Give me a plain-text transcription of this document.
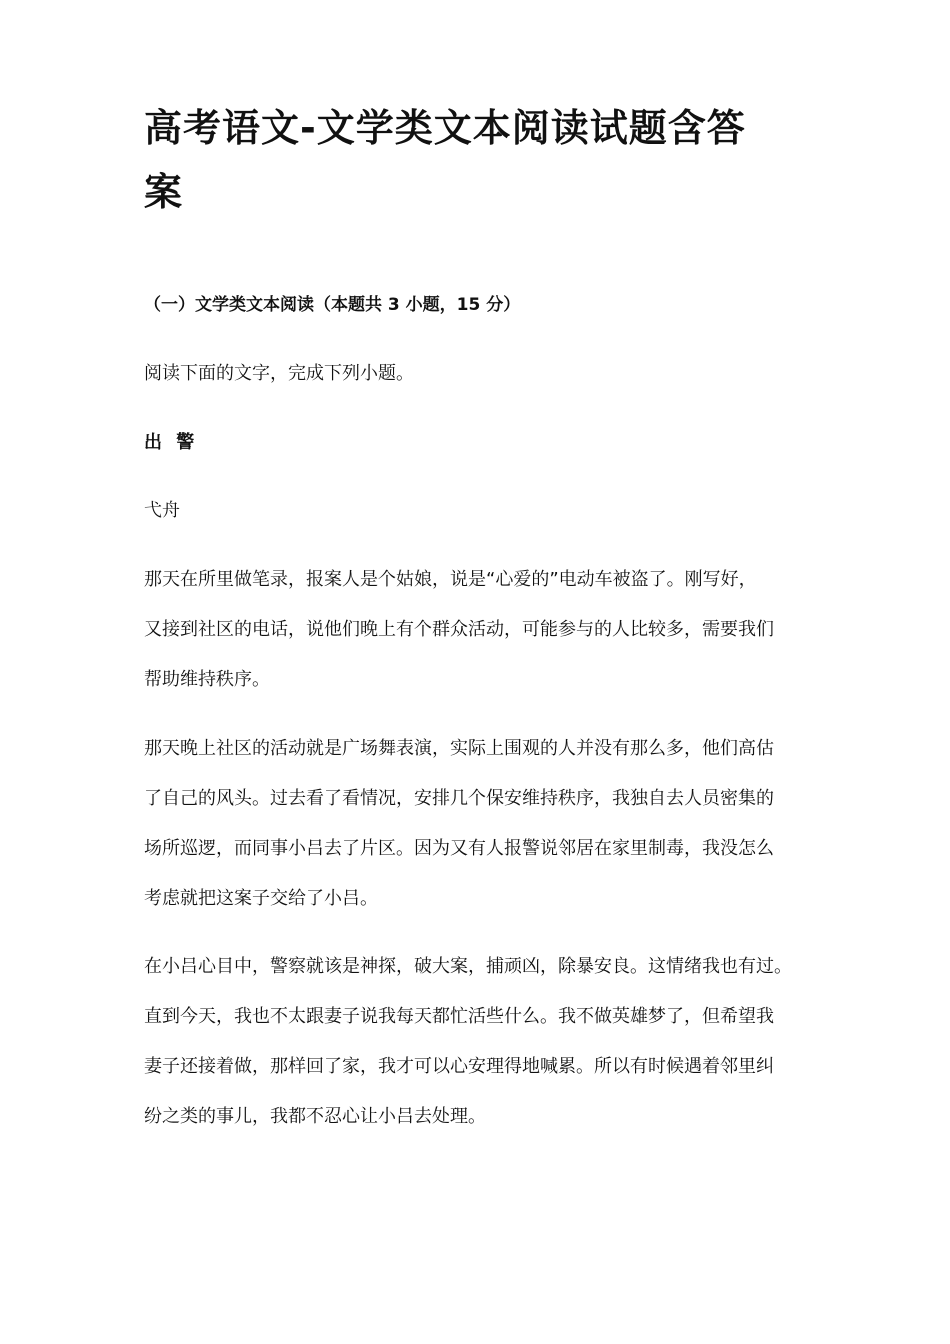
高考语文-文学类文本阅读试题含答
案

（一）文学类文本阅读（本题共 3 小题，15 分）

阅读下面的文字，完成下列小题。

出 警

弋舟

那天在所里做笔录，报案人是个姑娘，说是“心爱的”电动车被盗了。刚写好，

又接到社区的电话，说他们晚上有个群众活动，可能参与的人比较多，需要我们

帮助维持秩序。

那天晚上社区的活动就是广场舞表演，实际上围观的人并没有那么多，他们高估

了自己的风头。过去看了看情况，安排几个保安维持秩序，我独自去人员密集的

场所巡逻，而同事小吕去了片区。因为又有人报警说邻居在家里制毒，我没怎么

考虑就把这案子交给了小吕。

在小吕心目中，警察就该是神探，破大案，捕顽凶，除暴安良。这情绪我也有过。

直到今天，我也不太跟妻子说我每天都忙活些什么。我不做英雄梦了，但希望我

妻子还接着做，那样回了家，我才可以心安理得地喊累。所以有时候遇着邻里纠

纷之类的事儿，我都不忍心让小吕去处理。
